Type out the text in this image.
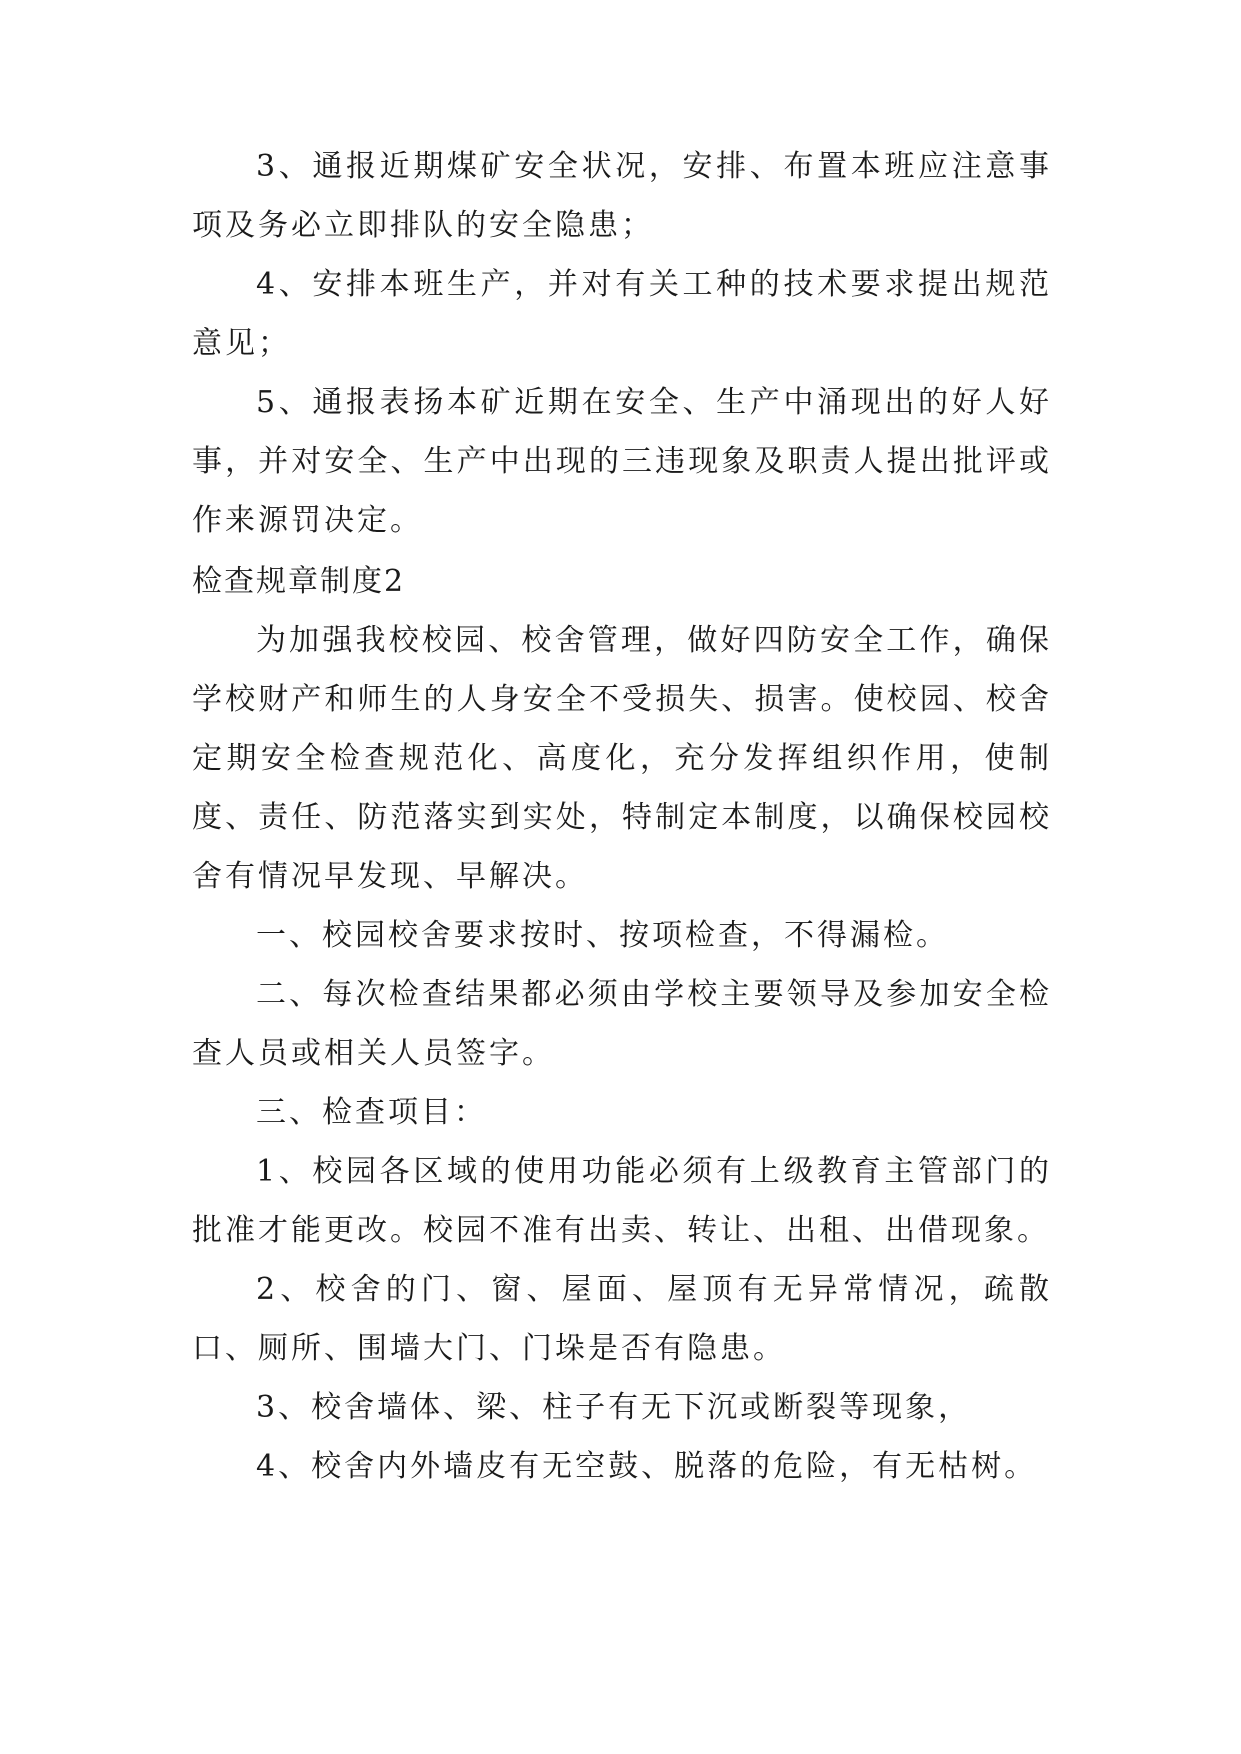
3、通报近期煤矿安全状况，安排、布置本班应注意事项及务必立即排队的安全隐患；

4、安排本班生产，并对有关工种的技术要求提出规范意见；

5、通报表扬本矿近期在安全、生产中涌现出的好人好事，并对安全、生产中出现的三违现象及职责人提出批评或作来源罚决定。

检查规章制度2

为加强我校校园、校舍管理，做好四防安全工作，确保学校财产和师生的人身安全不受损失、损害。使校园、校舍定期安全检查规范化、高度化，充分发挥组织作用，使制度、责任、防范落实到实处，特制定本制度，以确保校园校舍有情况早发现、早解决。

一、校园校舍要求按时、按项检查，不得漏检。

二、每次检查结果都必须由学校主要领导及参加安全检查人员或相关人员签字。

三、检查项目：

1、校园各区域的使用功能必须有上级教育主管部门的批准才能更改。校园不准有出卖、转让、出租、出借现象。

2、校舍的门、窗、屋面、屋顶有无异常情况，疏散口、厕所、围墙大门、门垛是否有隐患。

3、校舍墙体、梁、柱子有无下沉或断裂等现象，

4、校舍内外墙皮有无空鼓、脱落的危险，有无枯树。
